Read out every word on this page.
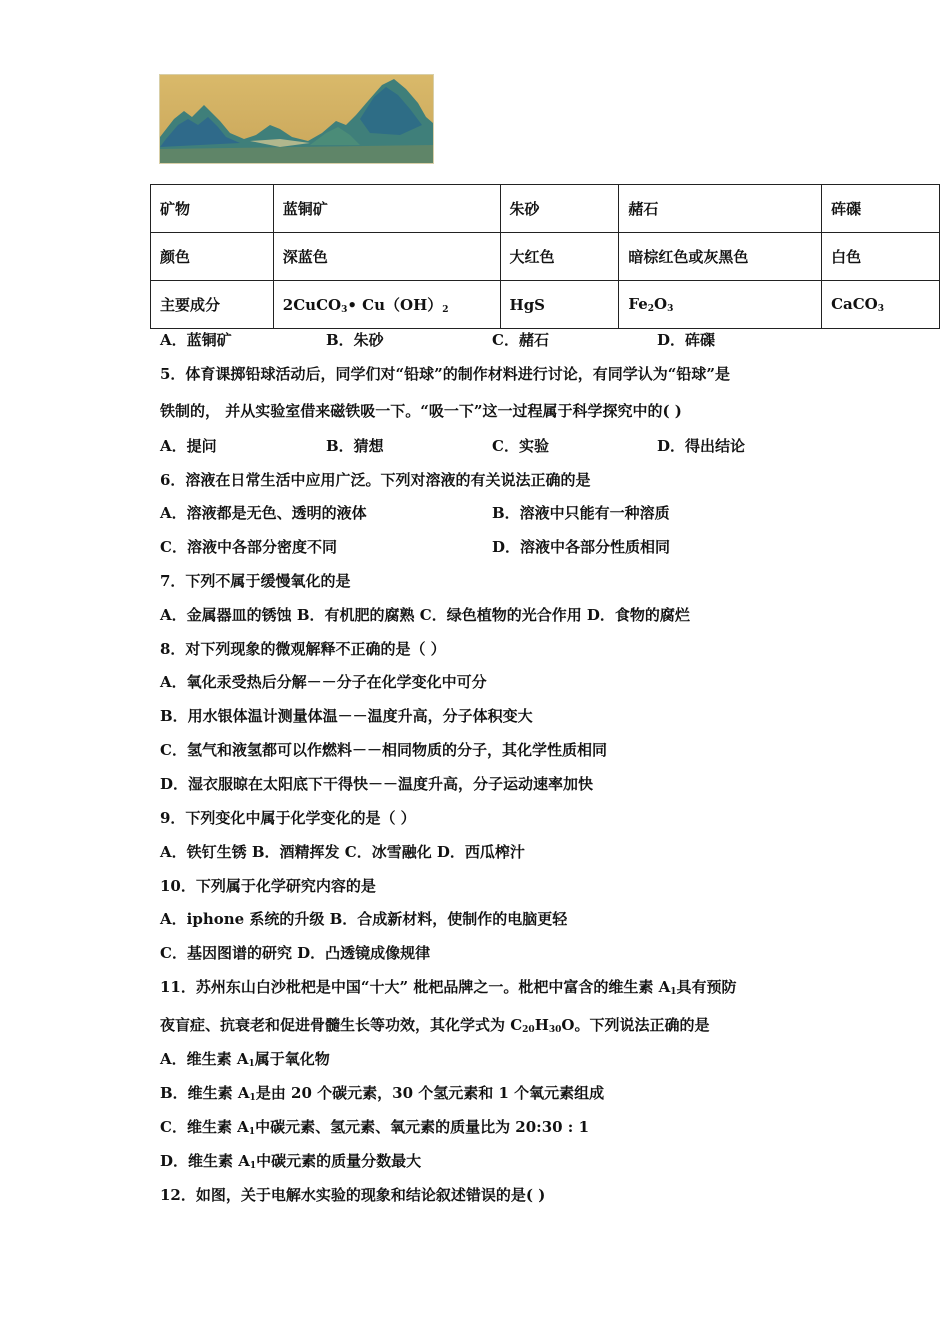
矿物	蓝铜矿	朱砂	赭石	砗磲
颜色	深蓝色	大红色	暗棕红色或灰黑色	白色
主要成分	2CuCO$_3$• $Cu(OH)_2$	HgS	$Fe_2O_3$	CaCO$_3$
A．蓝铜矿	B．朱砂	C．赭石	D．砗磲
5．体育课掷铅球活动后，同学们对“铅球”的制作材料进行讨论，有同学认为“铅球”是
铁制的， 并从实验室借来磁铁吸一下。“吸一下”这一过程属于科学探究中的( )
A．提问	B．猜想	C．实验	D．得出结论
6．溶液在日常生活中应用广泛。下列对溶液的有关说法正确的是
A．溶液都是无色、透明的液体	B．溶液中只能有一种溶质
C．溶液中各部分密度不同	D．溶液中各部分性质相同
7．下列不属于缓慢氧化的是
A．金属器皿的锈蚀 B．有机肥的腐熟 C．绿色植物的光合作用 D．食物的腐烂
8．对下列现象的微观解释不正确的是（ ）
A．氧化汞受热后分解－－分子在化学变化中可分
B．用水银体温计测量体温－－温度升高，分子体积变大
C．氢气和液氢都可以作燃料－－相同物质的分子，其化学性质相同
D．湿衣服晾在太阳底下干得快－－温度升高，分子运动速率加快
9．下列变化中属于化学变化的是（ ）
A．铁钉生锈 B．酒精挥发 C．冰雪融化 D．西瓜榨汁
10．下列属于化学研究内容的是
A．iphone 系统的升级 B．合成新材料，使制作的电脑更轻
C．基因图谱的研究 D．凸透镜成像规律
11．苏州东山白沙枇杷是中国“十大” 枇杷品牌之一。枇杷中富含的维生素 $A_1$具有预防
夜盲症、抗衰老和促进骨髓生长等功效，其化学式为 $C_{20}H_{30}O$。下列说法正确的是
A．维生素 $A_1$属于氧化物
B．维生素 $A_1$是由 20 个碳元素，30 个氢元素和 1 个氧元素组成
C．维生素 $A_1$中碳元素、氢元素、氧元素的质量比为 20:30 : 1
D．维生素 $A_1$中碳元素的质量分数最大
12．如图，关于电解水实验的现象和结论叙述错误的是( )
